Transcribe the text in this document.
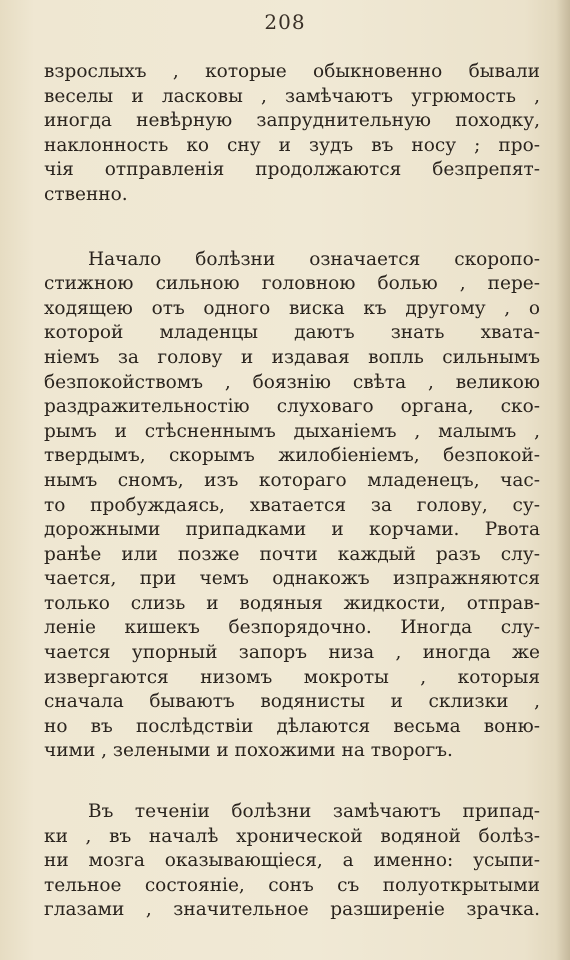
208
взрослыхъ , которые обыкновенно бывали
веселы и ласковы , замѣчаютъ угрюмость ,
иногда невѣрную запруднительную походку,
наклонность ко сну и зудъ въ носу ; про-
чія отправленія продолжаются безпрепят-
ственно.
Начало болѣзни означается скоропо-
стижною сильною головною болью , пере-
ходящею отъ одного виска къ другому , о
которой младенцы даютъ знать хвата-
ніемъ за голову и издавая вопль сильнымъ
безпокойствомъ , боязнію свѣта , великою
раздражительностію слуховаго органа, ско-
рымъ и стѣсненнымъ дыханіемъ , малымъ ,
твердымъ, скорымъ жилобіеніемъ, безпокой-
нымъ сномъ, изъ котораго младенецъ, час-
то пробуждаясь, хватается за голову, су-
дорожными припадками и корчами. Рвота
ранѣе или позже почти каждый разъ слу-
чается, при чемъ однакожъ изпражняются
только слизь и водяныя жидкости, отправ-
леніе кишекъ безпорядочно. Иногда слу-
чается упорный запоръ низа , иногда же
извергаются низомъ мокроты , которыя
сначала бываютъ водянисты и склизки ,
но въ послѣдствіи дѣлаются весьма воню-
чими , зелеными и похожими на творогъ.
Въ теченіи болѣзни замѣчаютъ припад-
ки , въ началѣ хронической водяной болѣз-
ни мозга оказывающіеся, а именно: усыпи-
тельное состояніе, сонъ съ полуоткрытыми
глазами , значительное разширеніе зрачка.
